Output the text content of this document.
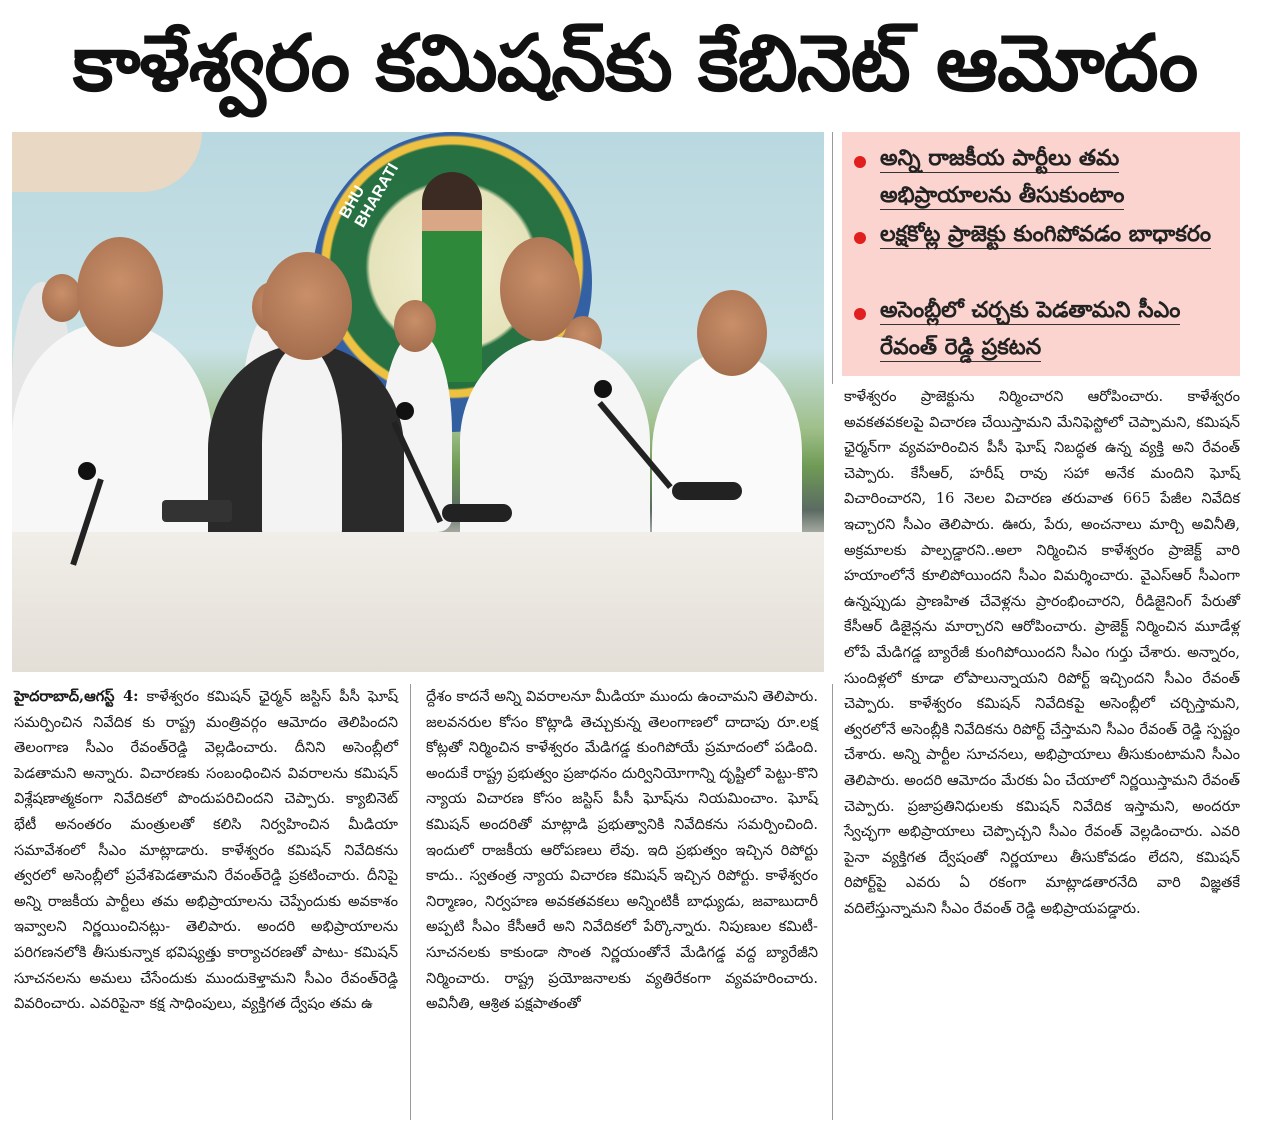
కాళేశ్వరం కమిషన్‌కు కేబినెట్ ఆమోదం
BHU BHARATI
అన్ని రాజకీయ పార్టీలు తమ అభిప్రాయాలను తీసుకుంటాం
లక్షకోట్ల ప్రాజెక్టు కుంగిపోవడం బాధాకరం
అసెంబ్లీలో చర్చకు పెడతామని సీఎం రేవంత్ రెడ్డి ప్రకటన

హైదరాబాద్,ఆగస్ట్ 4: కాళేశ్వరం కమిషన్ ఛైర్మన్ జస్టిస్ పీసీ ఘోష్ సమర్పించిన నివేదిక కు రాష్ట్ర మంత్రివర్గం ఆమోదం తెలిపిందని తెలంగాణ సీఎం రేవంత్‌రెడ్డి వెల్లడించారు. దీనిని అసెంబ్లీలో పెడతామని అన్నారు. విచారణకు సంబంధించిన వివరాలను కమిషన్ విశ్లేషణాత్మకంగా నివేదికలో పొందుపరిచిందని చెప్పారు. క్యాబినెట్ భేటీ అనంతరం మంత్రులతో కలిసి నిర్వహించిన మీడియా సమావేశంలో సీఎం మాట్లాడారు. కాళేశ్వరం కమిషన్ నివేదికను త్వరలో అసెంబ్లీలో ప్రవేశపెడతామని రేవంత్‌రెడ్డి ప్రకటించారు. దీనిపై అన్ని రాజకీయ పార్టీలు తమ అభిప్రాయాలను చెప్పేందుకు అవకాశం ఇవ్వాలని నిర్ణయించినట్లు- తెలిపారు. అందరి అభిప్రాయాలను పరిగణనలోకి తీసుకున్నాక భవిష్యత్తు కార్యాచరణతో పాటు- కమిషన్ సూచనలను అమలు చేసేందుకు ముందుకెళ్తామని సీఎం రేవంత్‌రెడ్డి వివరించారు. ఎవరిపైనా కక్ష సాధింపులు, వ్యక్తిగత ద్వేషం తమ ఉ

ద్దేశం కాదనే అన్ని వివరాలనూ మీడియా ముందు ఉంచామని తెలిపారు. జలవనరుల కోసం కొట్లాడి తెచ్చుకున్న తెలంగాణలో దాదాపు రూ.లక్ష కోట్లతో నిర్మించిన కాళేశ్వరం మేడిగడ్డ కుంగిపోయే ప్రమాదంలో పడింది. అందుకే రాష్ట్ర ప్రభుత్వం ప్రజాధనం దుర్వినియోగాన్ని దృష్టిలో పెట్టు-కొని న్యాయ విచారణ కోసం జస్టిస్ పీసీ ఘోష్‌ను నియమించాం. ఘోష్ కమిషన్ అందరితో మాట్లాడి ప్రభుత్వానికి నివేదికను సమర్పించింది. ఇందులో రాజకీయ ఆరోపణలు లేవు. ఇది ప్రభుత్వం ఇచ్చిన రిపోర్టు కాదు.. స్వతంత్ర న్యాయ విచారణ కమిషన్ ఇచ్చిన రిపోర్టు. కాళేశ్వరం నిర్మాణం, నిర్వహణ అవకతవకలు అన్నింటికీ బాధ్యుడు, జవాబుదారీ అప్పటి సీఎం కేసీఆరే అని నివేదికలో పేర్కొన్నారు. నిపుణుల కమిటీ- సూచనలకు కాకుండా సొంత నిర్ణయంతోనే మేడిగడ్డ వద్ద బ్యారేజీని నిర్మించారు. రాష్ట్ర ప్రయోజనాలకు వ్యతిరేకంగా వ్యవహరించారు. అవినీతి, ఆశ్రిత పక్షపాతంతో

కాళేశ్వరం ప్రాజెక్టును నిర్మించారని ఆరోపించారు. కాళేశ్వరం అవకతవకలపై విచారణ చేయిస్తామని మేనిఫెస్టోలో చెప్పామని, కమిషన్ ఛైర్మన్‌గా వ్యవహరించిన పీసీ ఘోష్ నిబద్ధత ఉన్న వ్యక్తి అని రేవంత్ చెప్పారు. కేసీఆర్, హరీష్ రావు సహా అనేక మందిని ఘోష్ విచారించారని, 16 నెలల విచారణ తరువాత 665 పేజీల నివేదిక ఇచ్చారని సీఎం తెలిపారు. ఊరు, పేరు, అంచనాలు మార్చి అవినీతి, అక్రమాలకు పాల్పడ్డారని..అలా నిర్మించిన కాళేశ్వరం ప్రాజెక్ట్ వారి హయాంలోనే కూలిపోయిందని సీఎం విమర్శించారు. వైఎస్ఆర్ సీఎంగా ఉన్నప్పుడు ప్రాణహిత చేవెళ్లను ప్రారంభించారని, రీడిజైనింగ్ పేరుతో కేసీఆర్ డిజైన్లను మార్చారని ఆరోపించారు. ప్రాజెక్ట్ నిర్మించిన మూడేళ్ల లోపే మేడిగడ్డ బ్యారేజీ కుంగిపోయిందని సీఎం గుర్తు చేశారు. అన్నారం, సుందిళ్లలో కూడా లోపాలున్నాయని రిపోర్ట్ ఇచ్చిందని సీఎం రేవంత్ చెప్పారు. కాళేశ్వరం కమిషన్ నివేదికపై అసెంబ్లీలో చర్చిస్తామని, త్వరలోనే అసెంబ్లీకి నివేదికను రిపోర్ట్ చేస్తామని సీఎం రేవంత్ రెడ్డి స్పష్టం చేశారు. అన్ని పార్టీల సూచనలు, అభిప్రాయాలు తీసుకుంటామని సీఎం తెలిపారు. అందరి ఆమోదం మేరకు ఏం చేయాలో నిర్ణయిస్తామని రేవంత్ చెప్పారు. ప్రజాప్రతినిధులకు కమిషన్ నివేదిక ఇస్తామని, అందరూ స్వేచ్ఛగా అభిప్రాయాలు చెప్పొచ్చని సీఎం రేవంత్ వెల్లడించారు. ఎవరి పైనా వ్యక్తిగత ద్వేషంతో నిర్ణయాలు తీసుకోవడం లేదని, కమిషన్ రిపోర్ట్‌పై ఎవరు ఏ రకంగా మాట్లాడతారనేది వారి విజ్ఞతకే వదిలేస్తున్నామని సీఎం రేవంత్ రెడ్డి అభిప్రాయపడ్డారు.
